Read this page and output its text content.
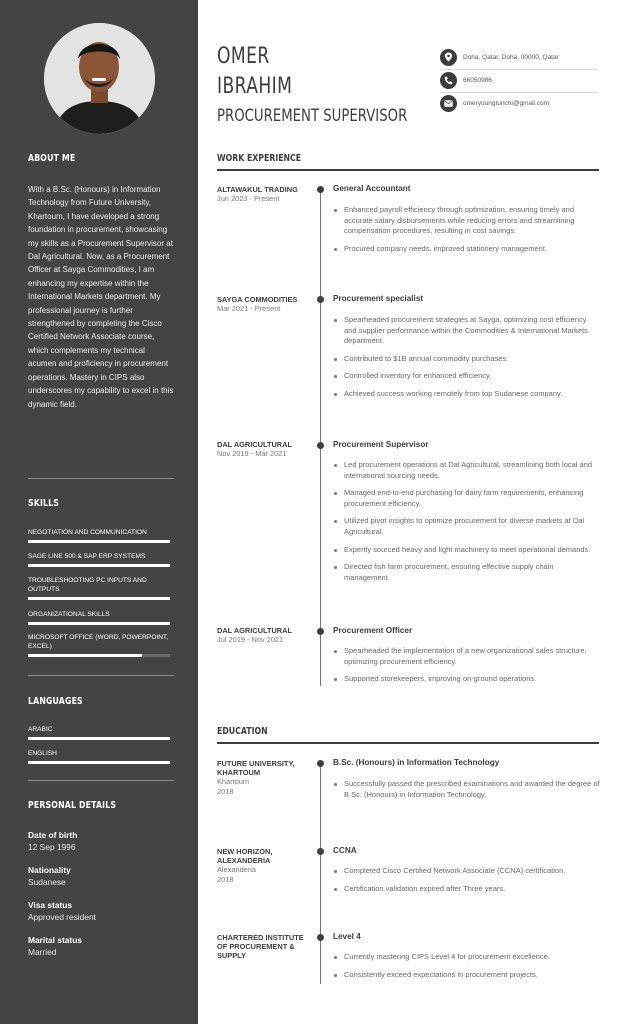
ABOUT ME
With a B.Sc. (Honours) in Information Technology from Future University, Khartoum, I have developed a strong foundation in procurement, showcasing my skills as a Procurement Supervisor at Dal Agricultural. Now, as a Procurement Officer at Sayga Commodities, I am enhancing my expertise within the International Markets department. My professional journey is further strengthened by completing the Cisco Certified Network Associate course, which complements my technical acumen and proficiency in procurement operations. Mastery in CIPS also underscores my capability to excel in this dynamic field.
SKILLS
NEGOTIATION AND COMMUNICATION
SAGE LINE 500 & SAP ERP SYSTEMS
TROUBLESHOOTING PC INPUTS AND OUTPUTS
ORGANIZATIONAL SKILLS
MICROSOFT OFFICE (WORD, POWERPOINT, EXCEL)
LANGUAGES
ARABIC
ENGLISH
PERSONAL DETAILS
Date of birth
12 Sep 1996
Nationality
Sudanese
Visa status
Approved resident
Marital status
Married
OMER
IBRAHIM
PROCUREMENT SUPERVISOR
Doha, Qatar, Doha, 00000, Qatar
66050986
omeryoungtunchi@gmail.com
WORK EXPERIENCE
ALTAWAKUL TRADING
Jun 2023 - Present
General Accountant
Enhanced payroll efficiency through optimization, ensuring timely and accurate salary disbursements while reducing errors and streamlining compensation procedures, resulting in cost savings.
Procured company needs, improved stationery management.
SAYGA COMMODITIES
Mar 2021 - Present
Procurement specialist
Spearheaded procurement strategies at Sayga, optimizing cost efficiency and supplier performance within the Commodities & International Markets department.
Contributed to $1B annual commodity purchases.
Controlled inventory for enhanced efficiency.
Achieved success working remotely from top Sudanese company.
DAL AGRICULTURAL
Nov 2019 - Mar 2021
Procurement Supervisor
Led procurement operations at Dal Agricultural, streamlining both local and international sourcing needs.
Managed end-to-end purchasing for dairy farm requirements, enhancing procurement efficiency.
Utilized pivot insights to optimize procurement for diverse markets at Dal Agricultural.
Expertly sourced heavy and light machinery to meet operational demands.
Directed fish farm procurement, ensuring effective supply chain management.
DAL AGRICULTURAL
Jul 2019 - Nov 2021
Procurement Officer
Spearheaded the implementation of a new organizational sales structure, optimizing procurement efficiency.
Supported storekeepers, improving on-ground operations.
EDUCATION
FUTURE UNIVERSITY, KHARTOUM
Khartoum
2018
B.Sc. (Honours) in Information Technology
Successfully passed the prescribed examinations and awarded the degree of B.Sc. (Honours) in Information Technology.
NEW HORIZON, ALEXANDERIA
Alexanderia
2018
CCNA
Completed Cisco Certified Network Associate (CCNA) certification.
Certification validation expired after Three years.
CHARTERED INSTITUTE OF PROCUREMENT & SUPPLY
Level 4
Currently mastering CIPS Level 4 for procurement excellence.
Consistently exceed expectations in procurement projects.
